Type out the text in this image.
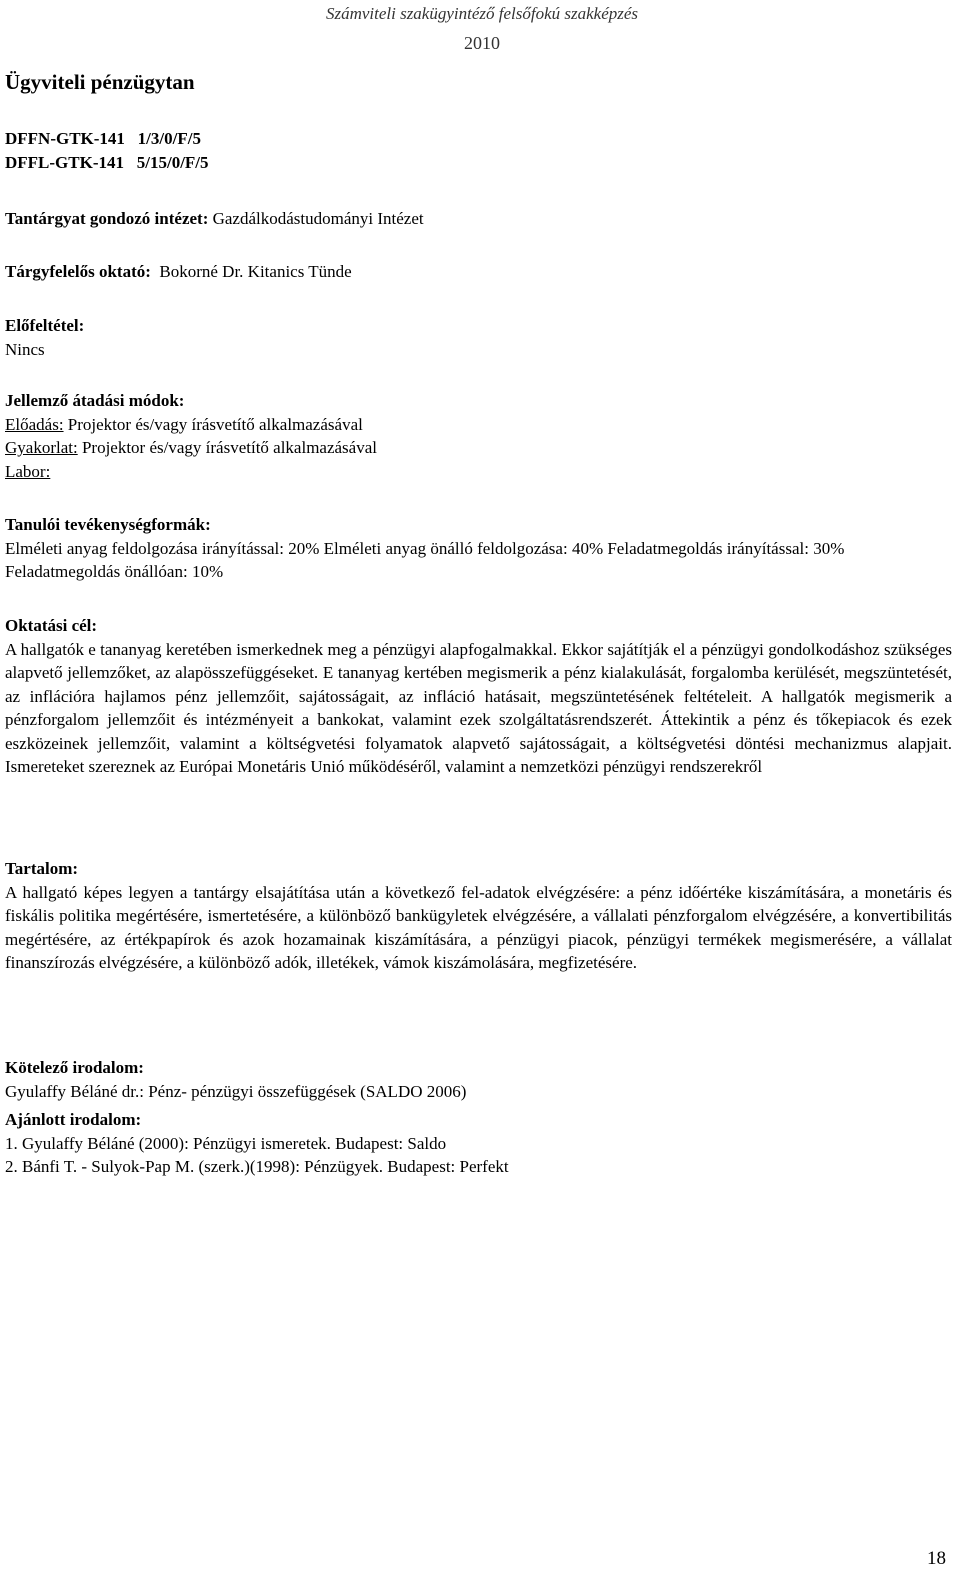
Számviteli szakügyintéző felsőfokú szakképzés
2010
Ügyviteli pénzügytan
DFFN-GTK-141   1/3/0/F/5
DFFL-GTK-141   5/15/0/F/5
Tantárgyat gondozó intézet: Gazdálkodástudományi Intézet
Tárgyfelelős oktató: Bokorné Dr. Kitanics Tünde
Előfeltétel:
Nincs
Jellemző átadási módok:
Előadás: Projektor és/vagy írásvetítő alkalmazásával
Gyakorlat: Projektor és/vagy írásvetítő alkalmazásával
Labor:
Tanulói tevékenységformák:
Elméleti anyag feldolgozása irányítással: 20% Elméleti anyag önálló feldolgozása: 40% Feladatmegoldás irányítással: 30% Feladatmegoldás önállóan: 10%
Oktatási cél:
A hallgatók e tananyag keretében ismerkednek meg a pénzügyi alapfogalmakkal. Ekkor sajátítják el a pénzügyi gondolkodáshoz szükséges alapvető jellemzőket, az alapösszefüggéseket. E tananyag kertében megismerik a pénz kialakulását, forgalomba kerülését, megszüntetését, az inflációra hajlamos pénz jellemzőit, sajátosságait, az infláció hatásait, megszüntetésének feltételeit. A hallgatók megismerik a pénzforgalom jellemzőit és intézményeit a bankokat, valamint ezek szolgáltatásrendszerét. Áttekintik a pénz és tőkepiacok és ezek eszközeinek jellemzőit, valamint a költségvetési folyamatok alapvető sajátosságait, a költségvetési döntési mechanizmus alapjait. Ismereteket szereznek az Európai Monetáris Unió működéséről, valamint a nemzetközi pénzügyi rendszerekről
Tartalom:
A hallgató képes legyen a tantárgy elsajátítása után a következő fel-adatok elvégzésére: a pénz időértéke kiszámítására, a monetáris és fiskális politika megértésére, ismertetésére, a különböző bankügyletek elvégzésére, a vállalati pénzforgalom elvégzésére, a konvertibilitás megértésére, az értékpapírok és azok hozamainak kiszámítására, a pénzügyi piacok, pénzügyi termékek megismerésére, a vállalat finanszírozás elvégzésére, a különböző adók, illetékek, vámok kiszámolására, megfizetésére.
Kötelező irodalom:
Gyulaffy Béláné dr.: Pénz- pénzügyi összefüggések (SALDO 2006)
Ajánlott irodalom:
1. Gyulaffy Béláné (2000): Pénzügyi ismeretek. Budapest: Saldo
2. Bánfi T. - Sulyok-Pap M. (szerk.)(1998): Pénzügyek. Budapest: Perfekt
18
